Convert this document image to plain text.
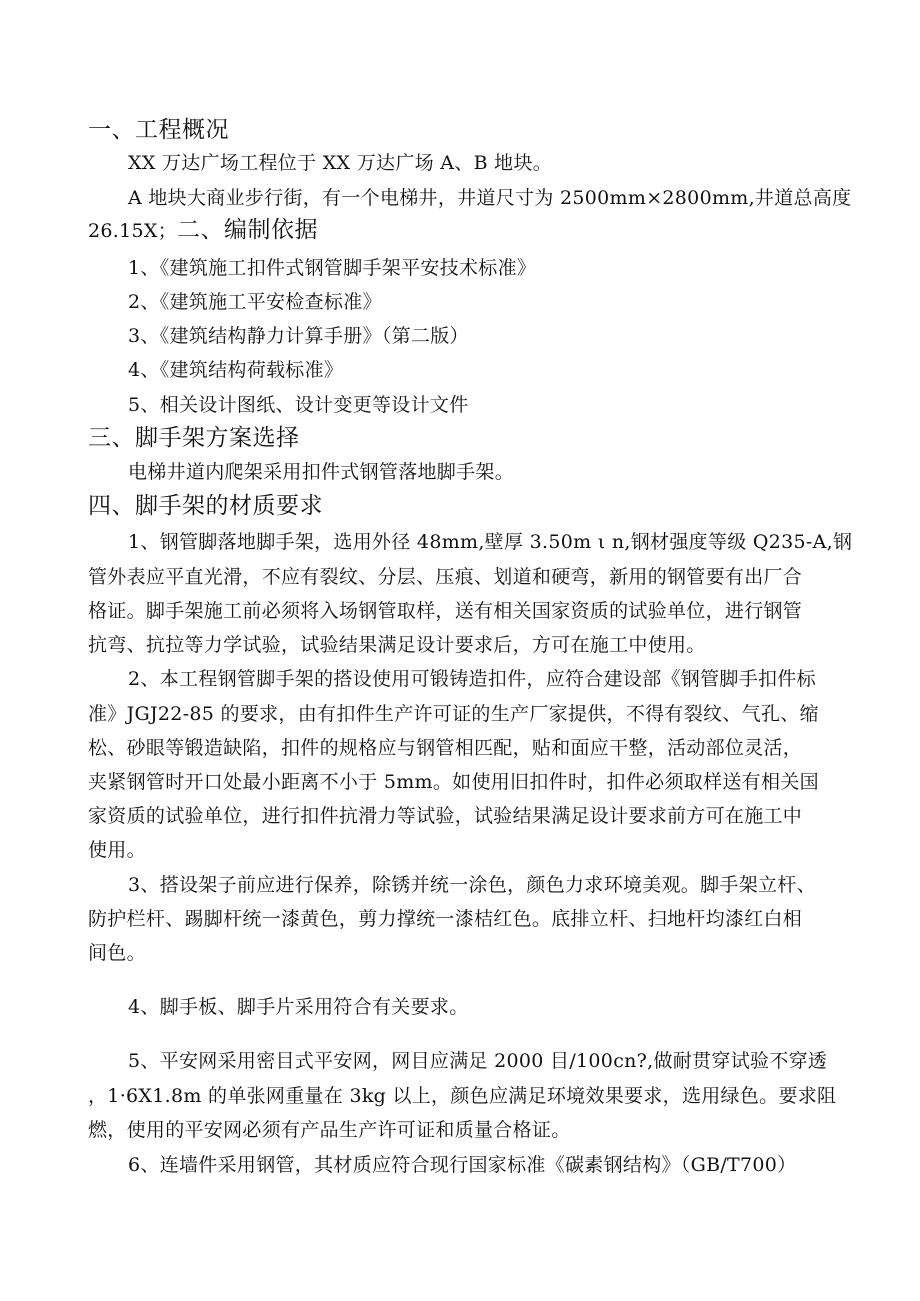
一、工程概况
XX 万达广场工程位于 XX 万达广场 A、B 地块。
A 地块大商业步行街，有一个电梯井，井道尺寸为 2500mm×2800mm,井道总高度
26.15X；二、编制依据
1、《建筑施工扣件式钢管脚手架平安技术标准》
2、《建筑施工平安检查标准》
3、《建筑结构静力计算手册》（第二版）
4、《建筑结构荷载标准》
5、相关设计图纸、设计变更等设计文件
三、脚手架方案选择
电梯井道内爬架采用扣件式钢管落地脚手架。
四、脚手架的材质要求
1、钢管脚落地脚手架，选用外径 48mm,壁厚 3.50m ι n,钢材强度等级 Q235-A,钢
管外表应平直光滑，不应有裂纹、分层、压痕、划道和硬弯，新用的钢管要有出厂合
格证。脚手架施工前必须将入场钢管取样，送有相关国家资质的试验单位，进行钢管
抗弯、抗拉等力学试验，试验结果满足设计要求后，方可在施工中使用。
2、本工程钢管脚手架的搭设使用可锻铸造扣件，应符合建设部《钢管脚手扣件标
准》JGJ22-85 的要求，由有扣件生产许可证的生产厂家提供，不得有裂纹、气孔、缩
松、砂眼等锻造缺陷，扣件的规格应与钢管相匹配，贴和面应干整，活动部位灵活，
夹紧钢管时开口处最小距离不小于 5mm。如使用旧扣件时，扣件必须取样送有相关国
家资质的试验单位，进行扣件抗滑力等试验，试验结果满足设计要求前方可在施工中
使用。
3、搭设架子前应进行保养，除锈并统一涂色，颜色力求环境美观。脚手架立杆、
防护栏杆、踢脚杆统一漆黄色，剪力撑统一漆桔红色。底排立杆、扫地杆均漆红白相
间色。
4、脚手板、脚手片采用符合有关要求。
5、平安网采用密目式平安网，网目应满足 2000 目/100cn?,做耐贯穿试验不穿透
，1·6X1.8m 的单张网重量在 3kg 以上，颜色应满足环境效果要求，选用绿色。要求阻
燃，使用的平安网必须有产品生产许可证和质量合格证。
6、连墙件采用钢管，其材质应符合现行国家标准《碳素钢结构》（GB/T700）
